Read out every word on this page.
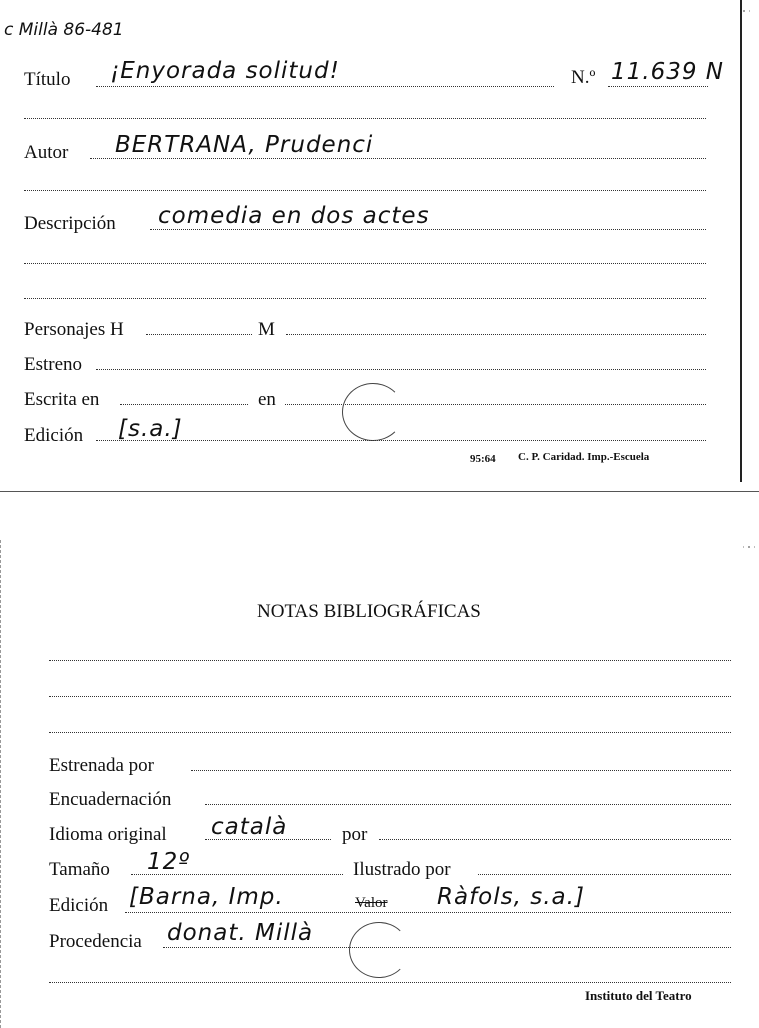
c Millà 86-481
Título ¡Enyorada solitud!	N.º 11.639 N
Autor BERTRANA, Prudenci
Descripción comedia en dos actes
Personajes H	M
Estreno
Escrita en	en
Edición [s.a.]
95:64 C. P. Caridad. Imp.-Escuela
NOTAS BIBLIOGRÁFICAS
Estrenada por
Encuadernación
Idioma original català	por
Tamaño 12º	Ilustrado por
Edición [Barna, Imp.	Valor Ràfols, s.a.]
Procedencia donat. Millà
Instituto del Teatro
